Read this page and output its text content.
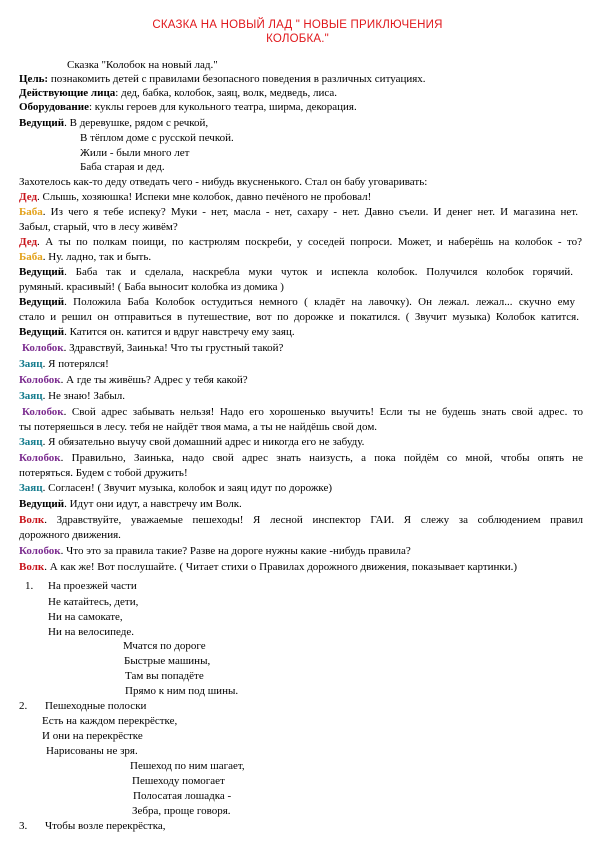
СКАЗКА НА НОВЫЙ ЛАД " НОВЫЕ ПРИКЛЮЧЕНИЯ
КОЛОБКА."
Сказка "Колобок на новый лад."
Цель: познакомить детей с правилами безопасного поведения в различных ситуациях.
Действующие лица: дед, бабка, колобок, заяц, волк, медведь, лиса.
Оборудование: куклы героев для кукольного театра, ширма, декорация.
Ведущий. В деревушке, рядом с речкой,
В тёплом доме с русской печкой.
Жили - были много лет
Баба старая и дед.
Захотелось как-то деду отведать чего - нибудь вкусненького. Стал он бабу уговаривать:
Дед. Слышь, хозяюшка! Испеки мне колобок, давно печёного не пробовал!
Баба. Из чего я тебе испеку? Муки - нет, масла - нет, сахару - нет. Давно съели. И денег нет. И магазина нет.
Забыл, старый, что в лесу живём?
Дед. А ты по полкам поищи, по кастрюлям поскреби, у соседей попроси. Может, и наберёшь на колобок - то?
Баба. Ну. ладно, так и быть.
Ведущий. Баба так и сделала, наскребла муки чуток и испекла колобок. Получился колобок горячий.
румяный. красивый! ( Баба выносит колобка из домика )
Ведущий. Положила Баба Колобок остудиться немного ( кладёт на лавочку). Он лежал. лежал... скучно ему
стало и решил он отправиться в путешествие, вот по дорожке и покатился. ( Звучит музыка) Колобок катится.
Ведущий. Катится он. катится и вдруг навстречу ему заяц.
Колобок. Здравствуй, Заинька! Что ты грустный такой?
Заяц. Я потерялся!
Колобок. А где ты живёшь? Адрес у тебя какой?
Заяц. Не знаю! Забыл.
Колобок. Свой адрес забывать нельзя! Надо его хорошенько выучить! Если ты не будешь знать свой адрес. то
ты потеряешься в лесу. тебя не найдёт твоя мама, а ты не найдёшь свой дом.
Заяц. Я обязательно выучу свой домашний адрес и никогда его не забуду.
Колобок. Правильно, Заинька, надо свой адрес знать наизусть, а пока пойдём со мной, чтобы опять не
потеряться. Будем с тобой дружить!
Заяц. Согласен! ( Звучит музыка, колобок и заяц идут по дорожке)
Ведущий. Идут они идут, а навстречу им Волк.
Волк. Здравствуйте, уважаемые пешеходы! Я лесной инспектор ГАИ. Я слежу за соблюдением правил
дорожного движения.
Колобок. Что это за правила такие? Разве на дороге нужны какие -нибудь правила?
Волк. А как же! Вот послушайте. ( Читает стихи о Правилах дорожного движения, показывает картинки.)
1. На проезжей части
Не катайтесь, дети,
Ни на самокате,
Ни на велосипеде.
Мчатся по дороге
Быстрые машины,
Там вы попадёте
Прямо к ним под шины.
2. Пешеходные полоски
Есть на каждом перекрёстке,
И они на перекрёстке
Нарисованы не зря.
Пешеход по ним шагает,
Пешеходу помогает
Полосатая лошадка -
Зебра, проще говоря.
3. Чтобы возле перекрёстка,
